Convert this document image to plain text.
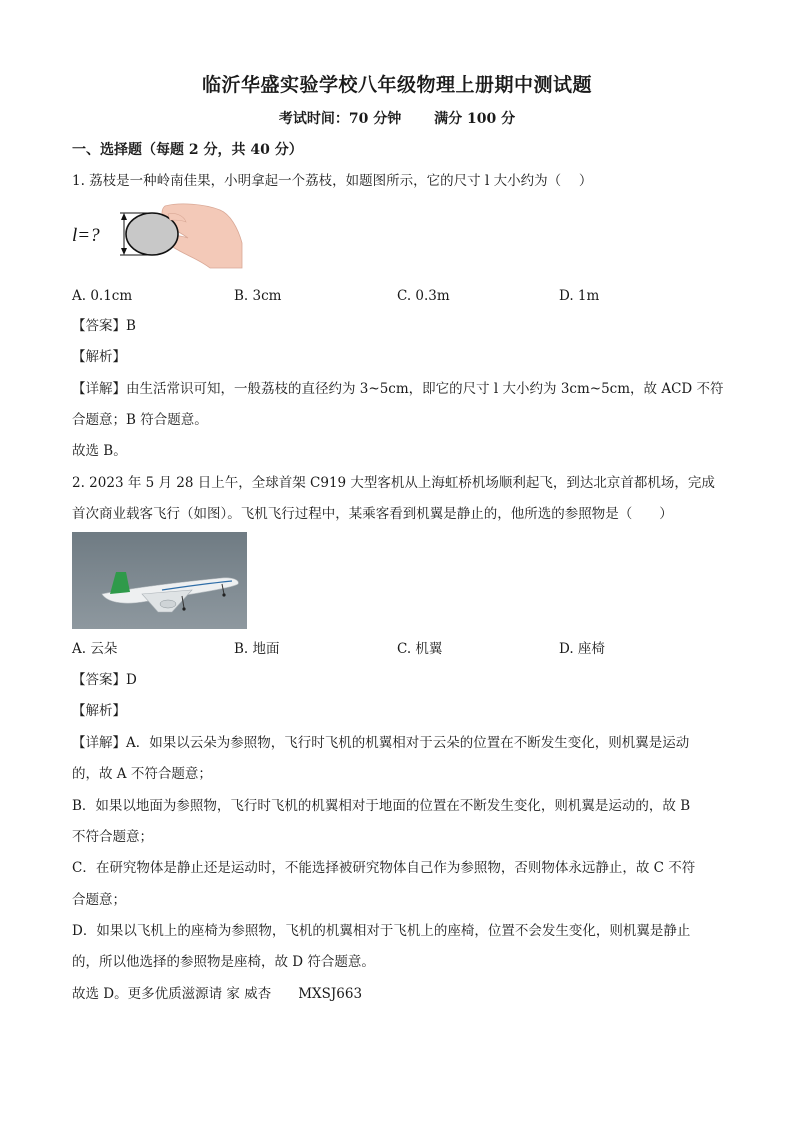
临沂华盛实验学校八年级物理上册期中测试题
考试时间：70 分钟 满分 100 分
一、选择题（每题 2 分，共 40 分）
1. 荔枝是一种岭南佳果，小明拿起一个荔枝，如题图所示，它的尺寸 l 大小约为（　 ）
l=?
A. 0.1cm	B. 3cm	C. 0.3m	D. 1m
【答案】B
【解析】
【详解】由生活常识可知，一般荔枝的直径约为 3~5cm，即它的尺寸 l 大小约为 3cm~5cm，故 ACD 不符
合题意；B 符合题意。
故选 B。
2. 2023 年 5 月 28 日上午，全球首架 C919 大型客机从上海虹桥机场顺利起飞，到达北京首都机场，完成
首次商业载客飞行（如图）。飞机飞行过程中，某乘客看到机翼是静止的，他所选的参照物是（　　）
A. 云朵	B. 地面	C. 机翼	D. 座椅
【答案】D
【解析】
【详解】A．如果以云朵为参照物，飞行时飞机的机翼相对于云朵的位置在不断发生变化，则机翼是运动
的，故 A 不符合题意；
B．如果以地面为参照物，飞行时飞机的机翼相对于地面的位置在不断发生变化，则机翼是运动的，故 B
不符合题意；
C．在研究物体是静止还是运动时，不能选择被研究物体自己作为参照物，否则物体永远静止，故 C 不符
合题意；
D．如果以飞机上的座椅为参照物，飞机的机翼相对于飞机上的座椅，位置不会发生变化，则机翼是静止
的，所以他选择的参照物是座椅，故 D 符合题意。
故选 D。更多优质滋源请 家 威杏　　MXSJ663
